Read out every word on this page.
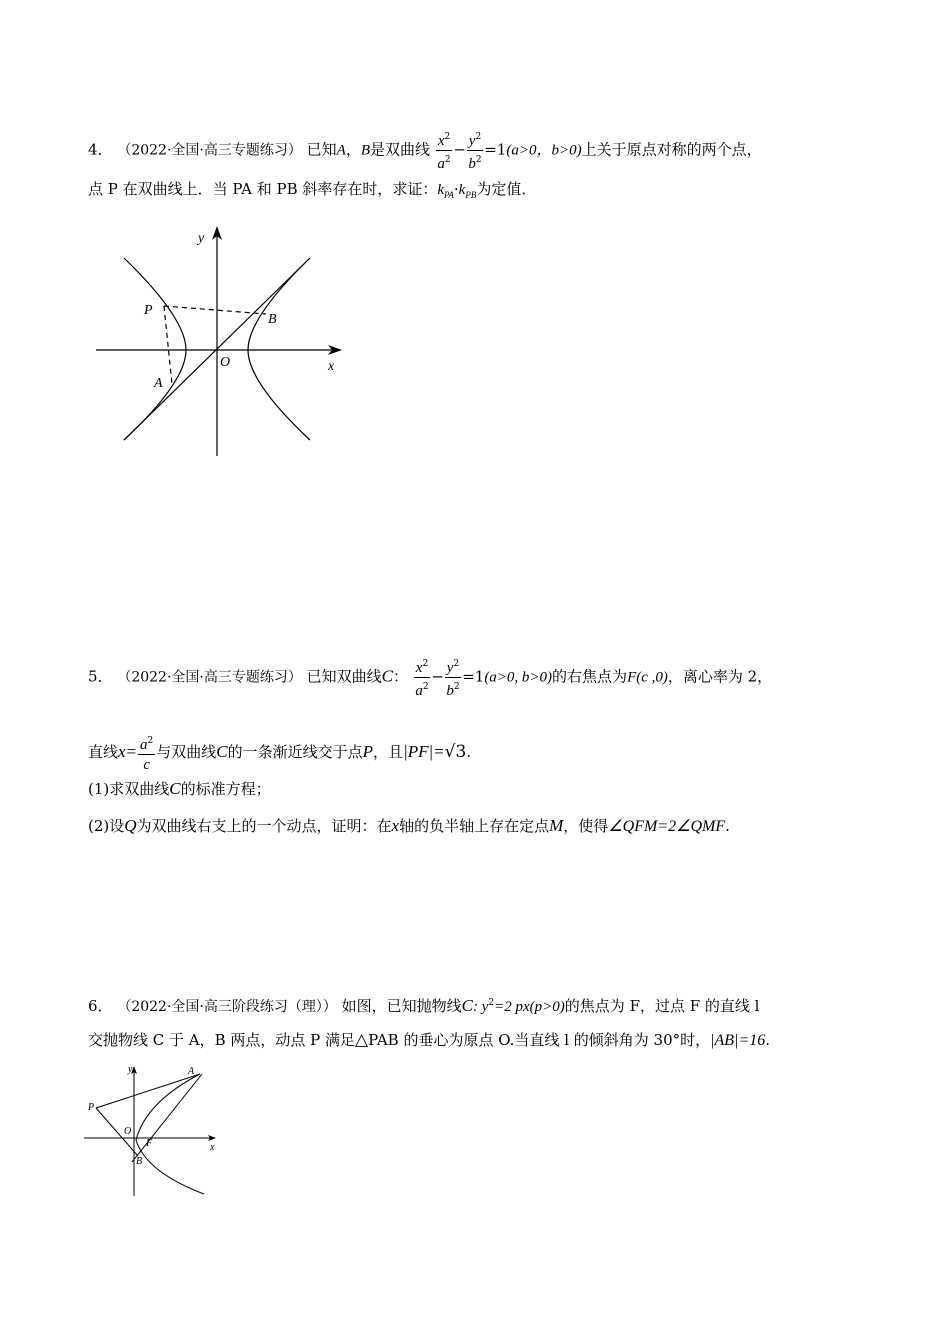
4． （2022·全国·高三专题练习） 已知A，B是双曲线 $\frac{x^2}{a^2} - \frac{y^2}{b^2} =1(a>0$，b>0)上关于原点对称的两个点，
点 P 在双曲线上．当 PA 和 PB 斜率存在时，求证：$k_{PA}\cdot k_{PB}$为定值．
P
B
O
A
x
y
5． （2022·全国·高三专题练习） 已知双曲线C： $\frac{x^2}{a^2} - \frac{y^2}{b^2} =1(a>0$, b>0)的右焦点为F(c ,0)，离心率为 2，
直线$x= \frac{a^2}{c}$ 与双曲线C的一条渐近线交于点P，且|PF|=√3.
(1)求双曲线C的标准方程；
(2)设Q为双曲线右支上的一个动点，证明：在x轴的负半轴上存在定点M，使得∠QFM=2∠QMF.
6． （2022·全国·高三阶段练习（理）） 如图，已知抛物线C: $y^2=2$ px(p>0)的焦点为 F，过点 F 的直线 l
交抛物线 C 于 A，B 两点，动点 P 满足△PAB 的垂心为原点 O.当直线 l 的倾斜角为 30°时，|AB|=16.
y	A
P
O
F	x
B
